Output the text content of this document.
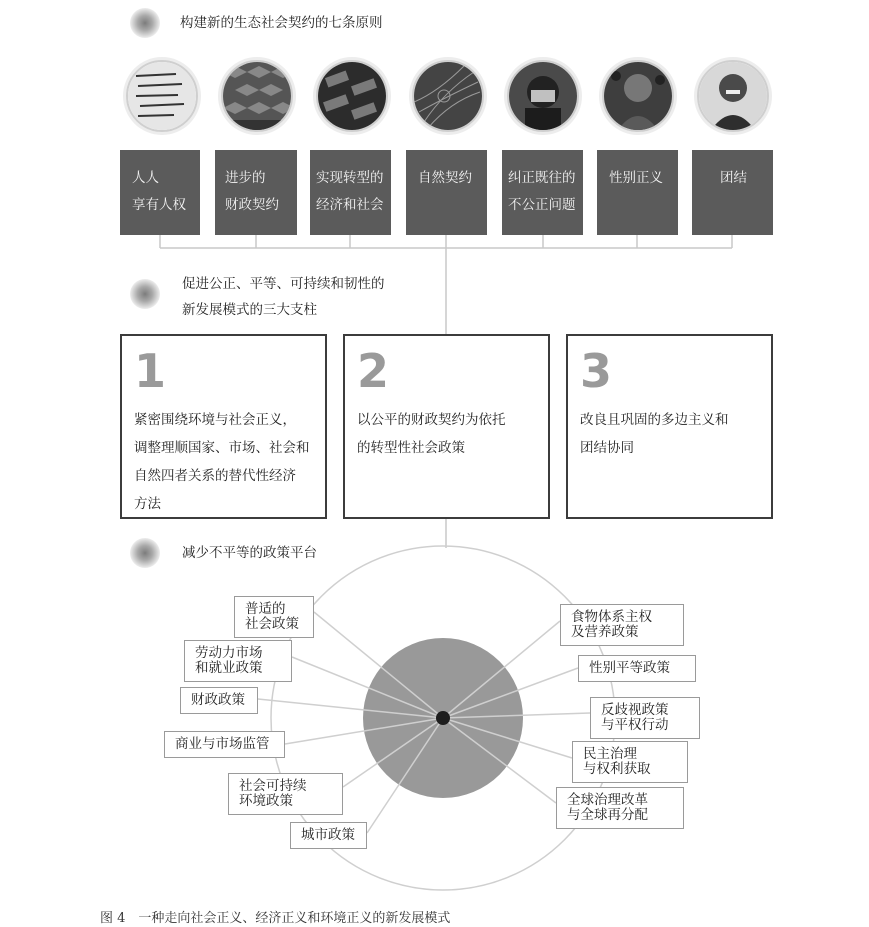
构建新的生态社会契约的七条原则
人人
享有人权
进步的
财政契约
实现转型的
经济和社会
自然契约	纠正既往的
不公正问题
性别正义	团结
促进公正、平等、可持续和韧性的
新发展模式的三大支柱
1
紧密围绕环境与社会正义，
调整理顺国家、市场、社会和
自然四者关系的替代性经济
方法
2
以公平的财政契约为依托
的转型性社会政策
3
改良且巩固的多边主义和
团结协同
减少不平等的政策平台
普适的
社会政策
劳动力市场
和就业政策
财政政策
商业与市场监管
社会可持续
环境政策
城市政策
食物体系主权
及营养政策
性别平等政策
反歧视政策
与平权行动
民主治理
与权利获取
全球治理改革
与全球再分配
图 4　一种走向社会正义、经济正义和环境正义的新发展模式
